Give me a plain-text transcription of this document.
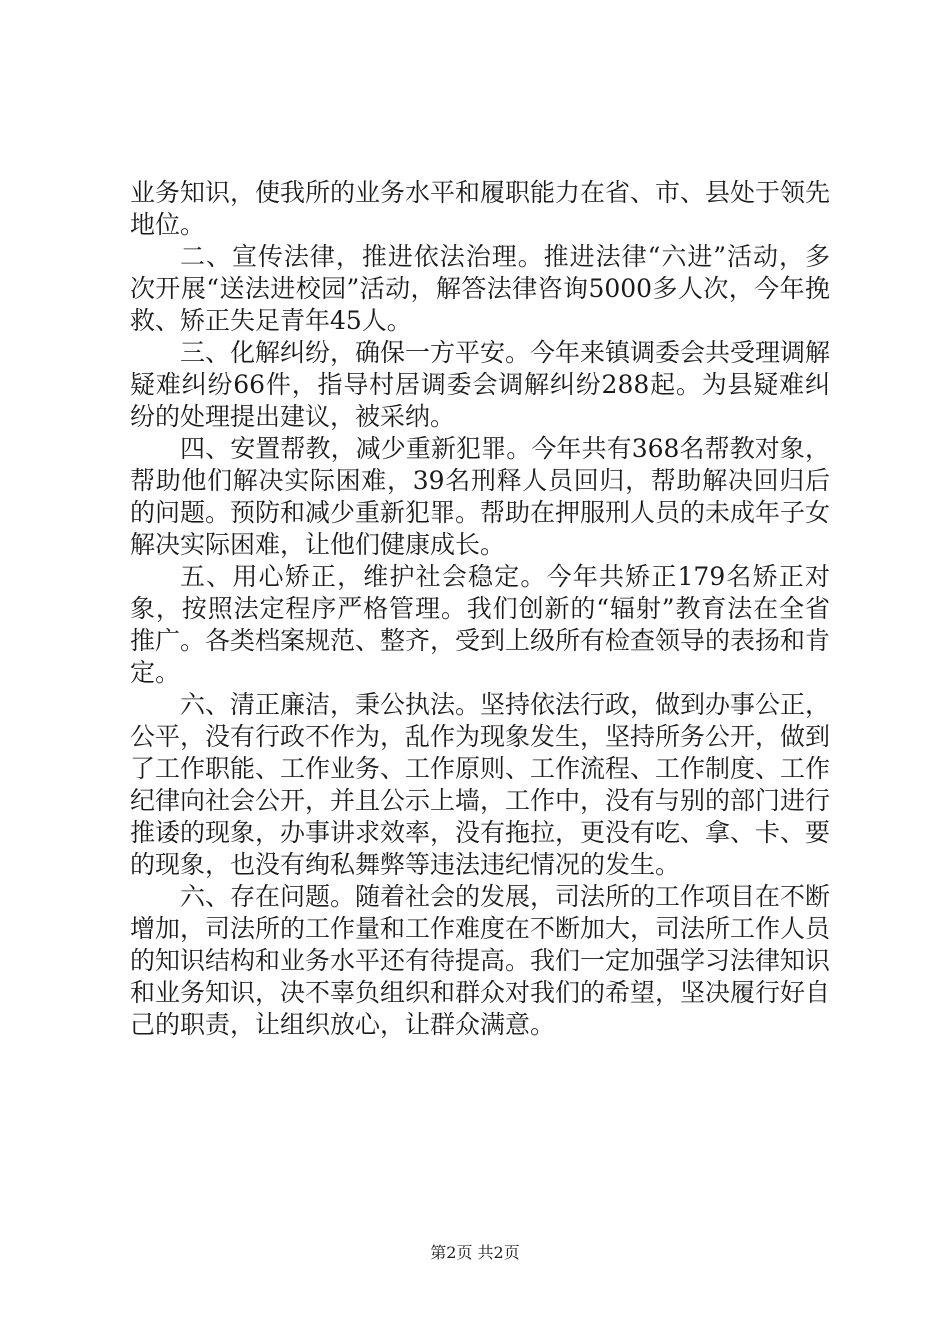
业务知识，使我所的业务水平和履职能力在省、市、县处于领先地位。

二、宣传法律，推进依法治理。推进法律“六进”活动，多次开展“送法进校园”活动，解答法律咨询5000多人次，今年挽救、矫正失足青年45人。

三、化解纠纷，确保一方平安。今年来镇调委会共受理调解疑难纠纷66件，指导村居调委会调解纠纷288起。为县疑难纠纷的处理提出建议，被采纳。

四、安置帮教，减少重新犯罪。今年共有368名帮教对象，帮助他们解决实际困难，39名刑释人员回归，帮助解决回归后的问题。预防和减少重新犯罪。帮助在押服刑人员的未成年子女解决实际困难，让他们健康成长。

五、用心矫正，维护社会稳定。今年共矫正179名矫正对象，按照法定程序严格管理。我们创新的“辐射”教育法在全省推广。各类档案规范、整齐，受到上级所有检查领导的表扬和肯定。

六、清正廉洁，秉公执法。坚持依法行政，做到办事公正，公平，没有行政不作为，乱作为现象发生，坚持所务公开，做到了工作职能、工作业务、工作原则、工作流程、工作制度、工作纪律向社会公开，并且公示上墙，工作中，没有与别的部门进行推诿的现象，办事讲求效率，没有拖拉，更没有吃、拿、卡、要的现象，也没有绚私舞弊等违法违纪情况的发生。

六、存在问题。随着社会的发展，司法所的工作项目在不断增加，司法所的工作量和工作难度在不断加大，司法所工作人员的知识结构和业务水平还有待提高。我们一定加强学习法律知识和业务知识，决不辜负组织和群众对我们的希望，坚决履行好自己的职责，让组织放心，让群众满意。

第2页 共2页
